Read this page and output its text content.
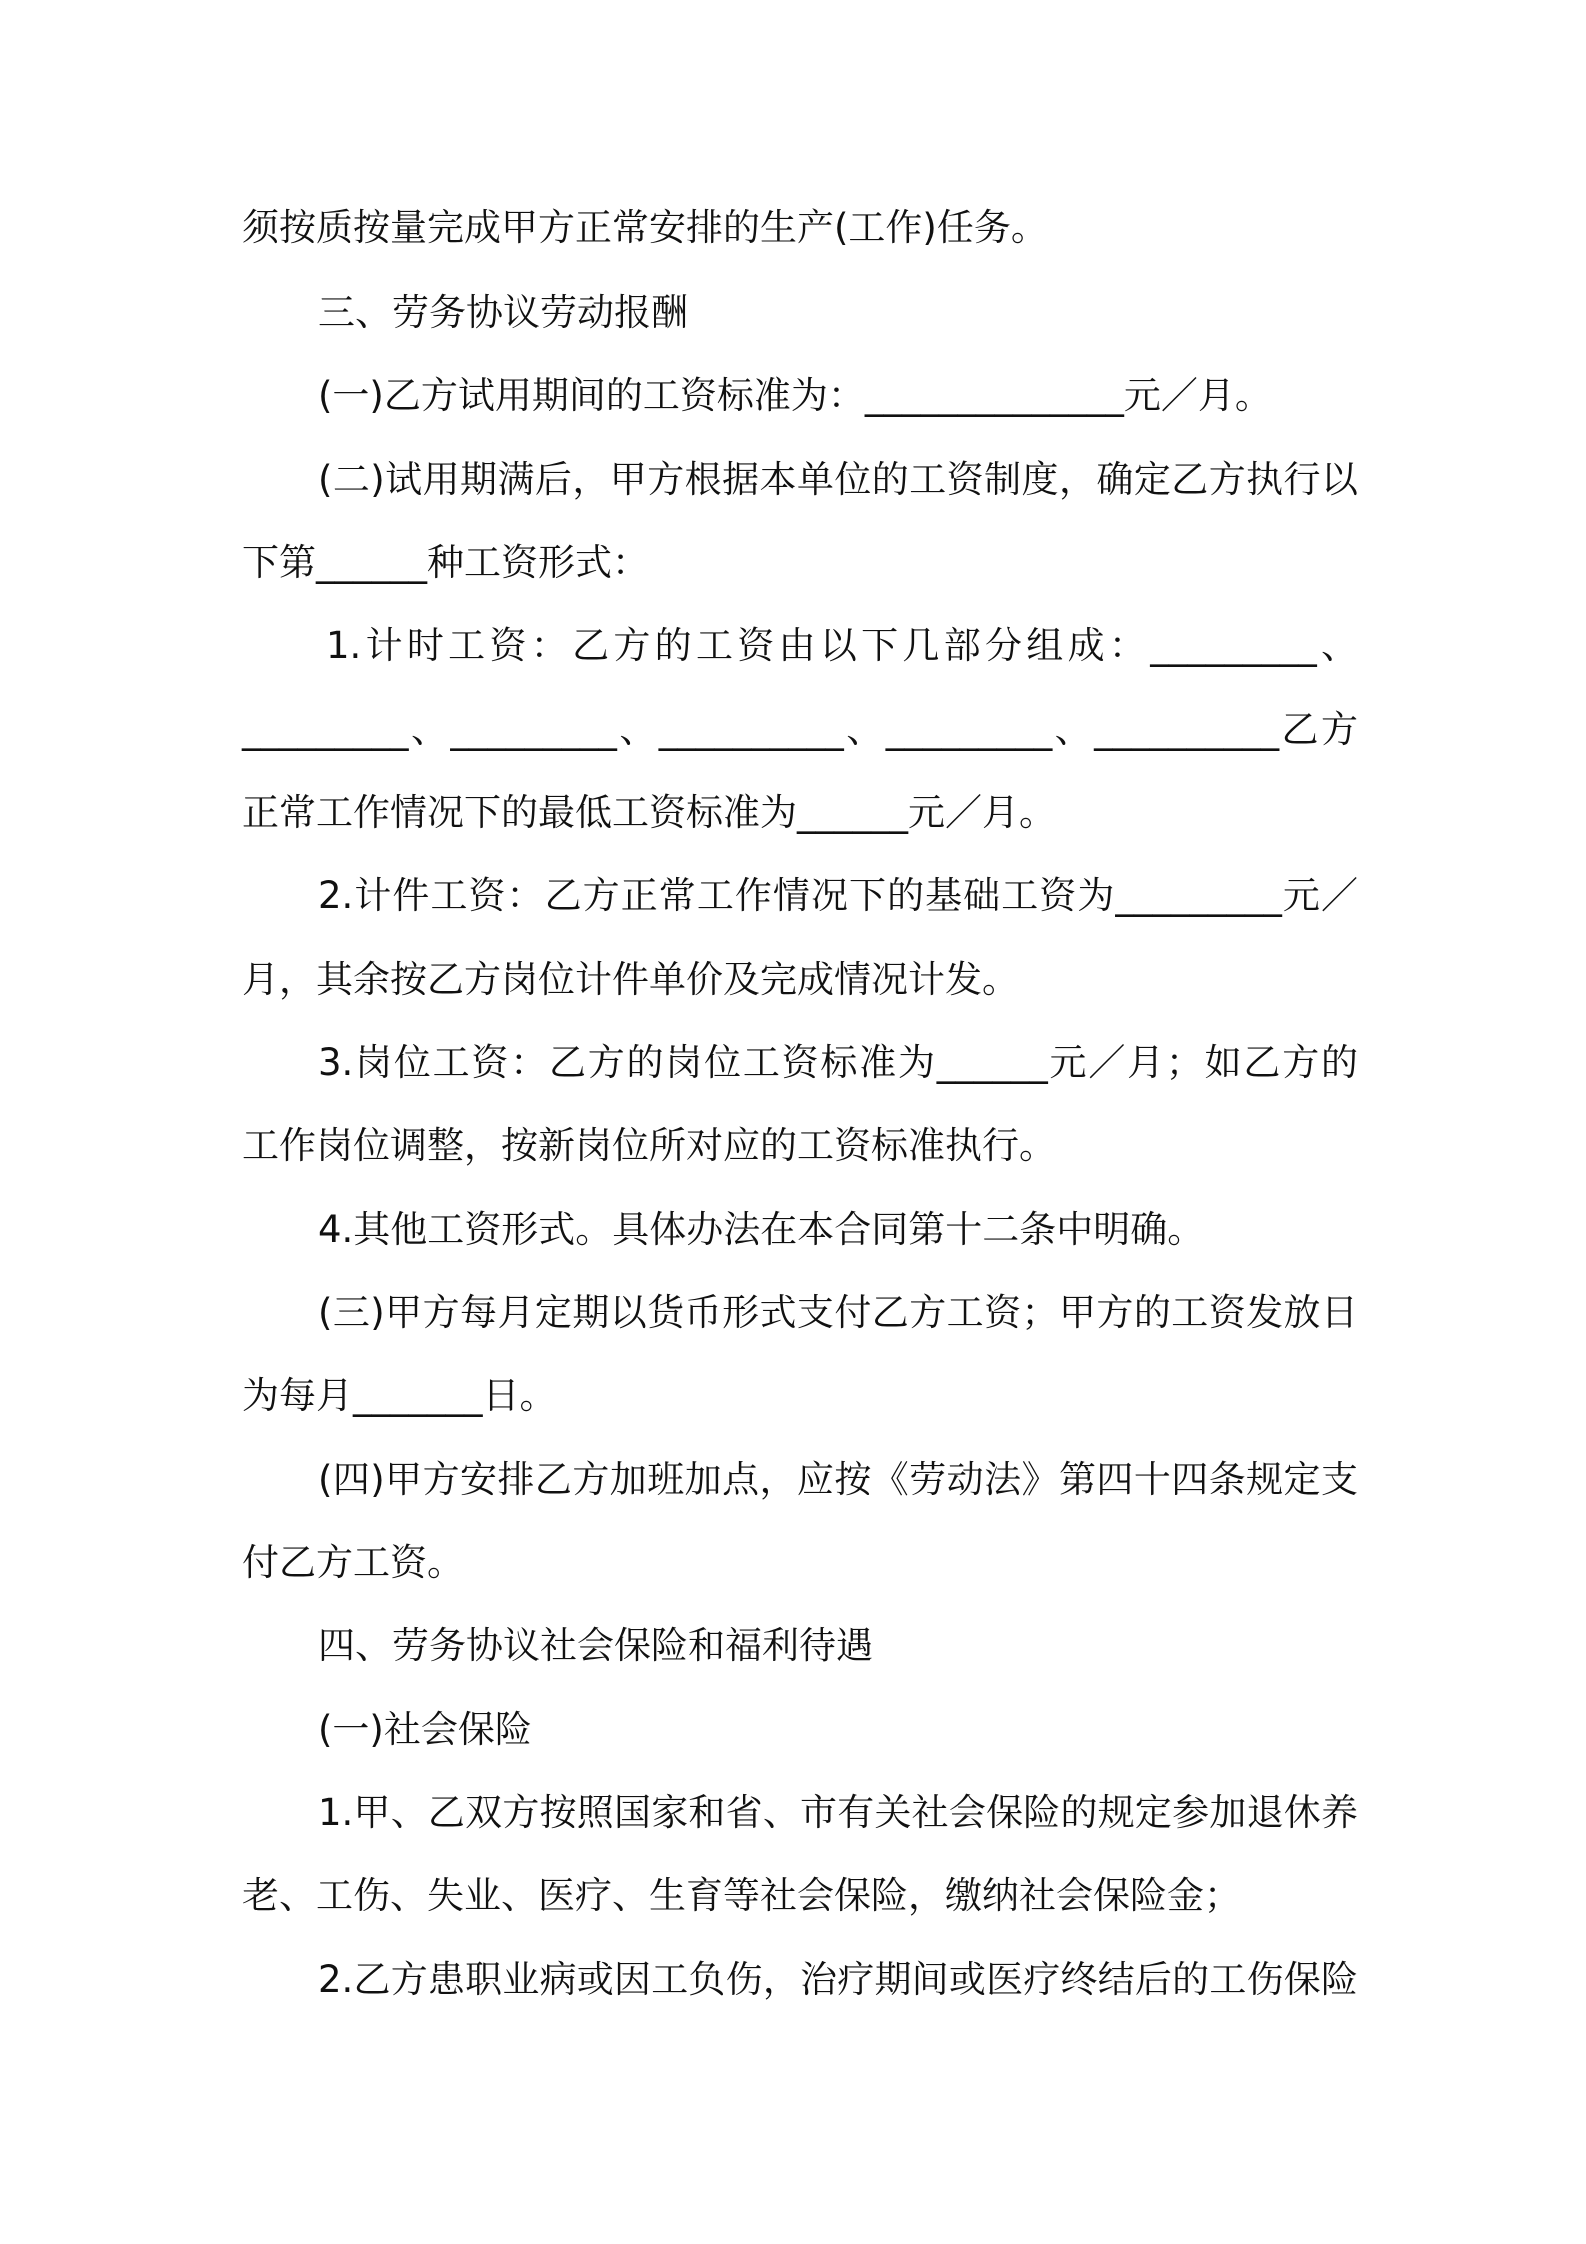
须按质按量完成甲方正常安排的生产(工作)任务。
三、劳务协议劳动报酬
(一)乙方试用期间的工资标准为：______________元／月。
(二)试用期满后，甲方根据本单位的工资制度，确定乙方执行以
下第______种工资形式：
1.计时工资：乙方的工资由以下几部分组成：_________、
_________、_________、__________、_________、__________乙方
正常工作情况下的最低工资标准为______元／月。
2.计件工资：乙方正常工作情况下的基础工资为_________元／
月，其余按乙方岗位计件单价及完成情况计发。
3.岗位工资：乙方的岗位工资标准为______元／月；如乙方的
工作岗位调整，按新岗位所对应的工资标准执行。
4.其他工资形式。具体办法在本合同第十二条中明确。
(三)甲方每月定期以货币形式支付乙方工资；甲方的工资发放日
为每月_______日。
(四)甲方安排乙方加班加点，应按《劳动法》第四十四条规定支
付乙方工资。
四、劳务协议社会保险和福利待遇
(一)社会保险
1.甲、乙双方按照国家和省、市有关社会保险的规定参加退休养
老、工伤、失业、医疗、生育等社会保险，缴纳社会保险金；
2.乙方患职业病或因工负伤，治疗期间或医疗终结后的工伤保险
